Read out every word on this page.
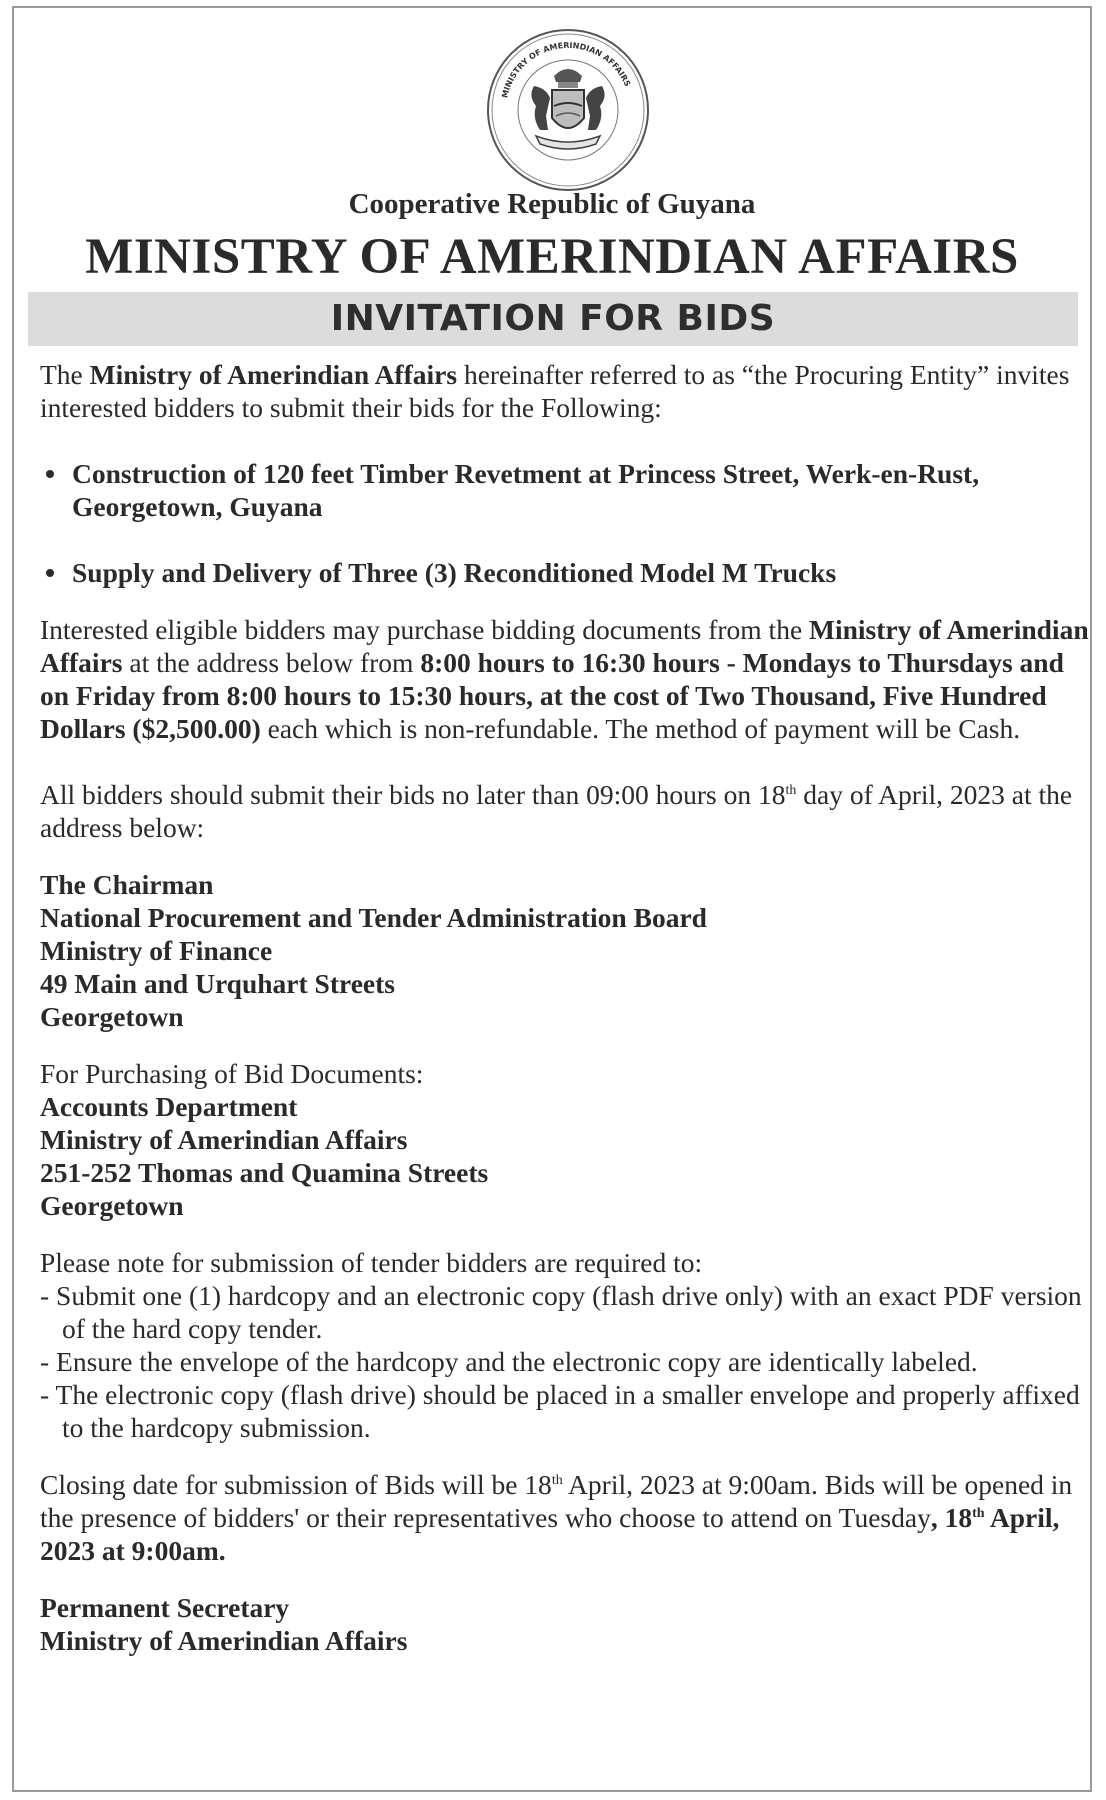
MINISTRY OF AMERINDIAN AFFAIRS
Cooperative Republic of Guyana
MINISTRY OF AMERINDIAN AFFAIRS
INVITATION FOR BIDS

The Ministry of Amerindian Affairs hereinafter referred to as “the Procuring Entity” invites interested bidders to submit their bids for the Following:

Construction of 120 feet Timber Revetment at Princess Street, Werk-en-Rust, Georgetown, Guyana
Supply and Delivery of Three (3) Reconditioned Model M Trucks

Interested eligible bidders may purchase bidding documents from the Ministry of Amerindian Affairs at the address below from 8:00 hours to 16:30 hours - Mondays to Thursdays and on Friday from 8:00 hours to 15:30 hours, at the cost of Two Thousand, Five Hundred Dollars ($2,500.00) each which is non-refundable. The method of payment will be Cash.

All bidders should submit their bids no later than 09:00 hours on 18th day of April, 2023 at the address below:

The Chairman
National Procurement and Tender Administration Board
Ministry of Finance
49 Main and Urquhart Streets
Georgetown
For Purchasing of Bid Documents:
Accounts Department
Ministry of Amerindian Affairs
251-252 Thomas and Quamina Streets
Georgetown
Please note for submission of tender bidders are required to:
- Submit one (1) hardcopy and an electronic copy (flash drive only) with an exact PDF version of the hard copy tender.
- Ensure the envelope of the hardcopy and the electronic copy are identically labeled.
- The electronic copy (flash drive) should be placed in a smaller envelope and properly affixed to the hardcopy submission.

Closing date for submission of Bids will be 18th April, 2023 at 9:00am. Bids will be opened in the presence of bidders' or their representatives who choose to attend on Tuesday, 18th April, 2023 at 9:00am.

Permanent Secretary
Ministry of Amerindian Affairs
